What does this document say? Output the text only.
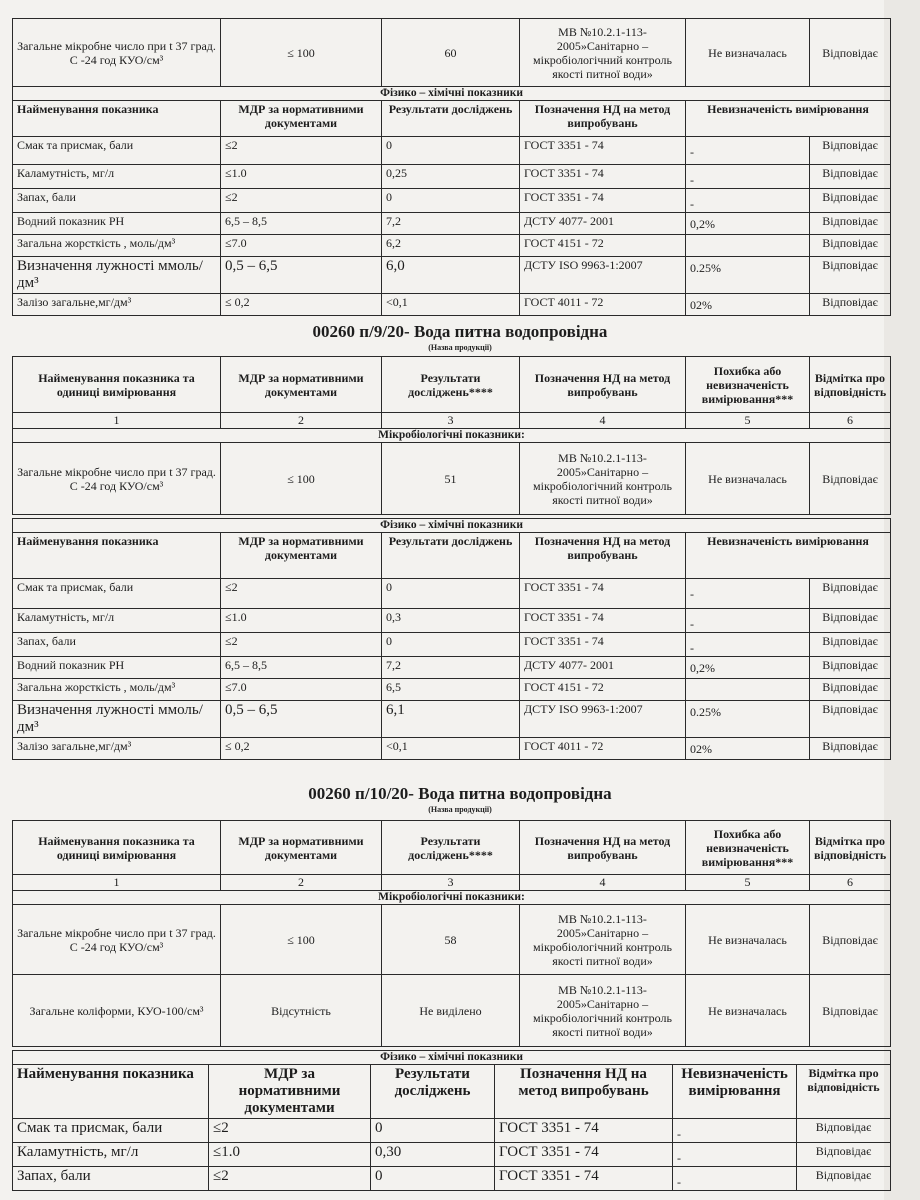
Загальне мікробне число при t 37 град. С -24 год КУО/см³	≤ 100	60	МВ №10.2.1-113-2005»Санітарно – мікробіологічний контроль якості питної води»	Не визначалась	Відповідає
Фізико – хімічні показники					
Найменування показника	МДР за нормативними документами	Результати досліджень	Позначення НД на метод випробувань	Невизначеність вимірювання	
Смак та присмак, бали	≤2	0	ГОСТ 3351 - 74	-	Відповідає
Каламутність, мг/л	≤1.0	0,25	ГОСТ 3351 - 74	-	Відповідає
Запах, бали	≤2	0	ГОСТ 3351 - 74	-	Відповідає
Водний показник РН	6,5 – 8,5	7,2	ДСТУ 4077- 2001	0,2%	Відповідає
Загальна жорсткість , моль/дм³	≤7.0	6,2	ГОСТ 4151 - 72		Відповідає
Визначення лужності ммоль/дм³	0,5 – 6,5	6,0	ДСТУ ISO 9963-1:2007	0.25%	Відповідає
Залізо загальне,мг/дм³	≤ 0,2	<0,1	ГОСТ 4011 - 72	02%	Відповідає
00260 п/9/20- Вода питна водопровідна
(Назва продукції)
Найменування показника та одиниці вимірювання	МДР за нормативними документами	Результати досліджень****	Позначення НД на метод випробувань	Похибка або невизначеність вимірювання***	Відмітка про відповідність
1	2	3	4	5	6
Мікробіологічні показники:					
Загальне мікробне число при t 37 град. С -24 год КУО/см³	≤ 100	51	МВ №10.2.1-113-2005»Санітарно – мікробіологічний контроль якості питної води»	Не визначалась	Відповідає
Фізико – хімічні показники					
Найменування показника	МДР за нормативними документами	Результати досліджень	Позначення НД на метод випробувань	Невизначеність вимірювання	
Смак та присмак, бали	≤2	0	ГОСТ 3351 - 74	-	Відповідає
Каламутність, мг/л	≤1.0	0,3	ГОСТ 3351 - 74	-	Відповідає
Запах, бали	≤2	0	ГОСТ 3351 - 74	-	Відповідає
Водний показник РН	6,5 – 8,5	7,2	ДСТУ 4077- 2001	0,2%	Відповідає
Загальна жорсткість , моль/дм³	≤7.0	6,5	ГОСТ 4151 - 72		Відповідає
Визначення лужності ммоль/дм³	0,5 – 6,5	6,1	ДСТУ ISO 9963-1:2007	0.25%	Відповідає
Залізо загальне,мг/дм³	≤ 0,2	<0,1	ГОСТ 4011 - 72	02%	Відповідає
00260 п/10/20- Вода питна водопровідна
(Назва продукції)
Найменування показника та одиниці вимірювання	МДР за нормативними документами	Результати досліджень****	Позначення НД на метод випробувань	Похибка або невизначеність вимірювання***	Відмітка про відповідність
1	2	3	4	5	6
Мікробіологічні показники:					
Загальне мікробне число при t 37 град. С -24 год КУО/см³	≤ 100	58	МВ №10.2.1-113-2005»Санітарно – мікробіологічний контроль якості питної води»	Не визначалась	Відповідає
Загальне коліформи, КУО-100/см³	Відсутність	Не виділено	МВ №10.2.1-113-2005»Санітарно – мікробіологічний контроль якості питної води»	Не визначалась	Відповідає
Фізико – хімічні показники					
Найменування показника	МДР за нормативними документами	Результати досліджень	Позначення НД на метод випробувань	Невизначеність вимірювання	Відмітка про відповідність
Смак та присмак, бали	≤2	0	ГОСТ 3351 - 74	-	Відповідає
Каламутність, мг/л	≤1.0	0,30	ГОСТ 3351 - 74	-	Відповідає
Запах, бали	≤2	0	ГОСТ 3351 - 74	-	Відповідає
